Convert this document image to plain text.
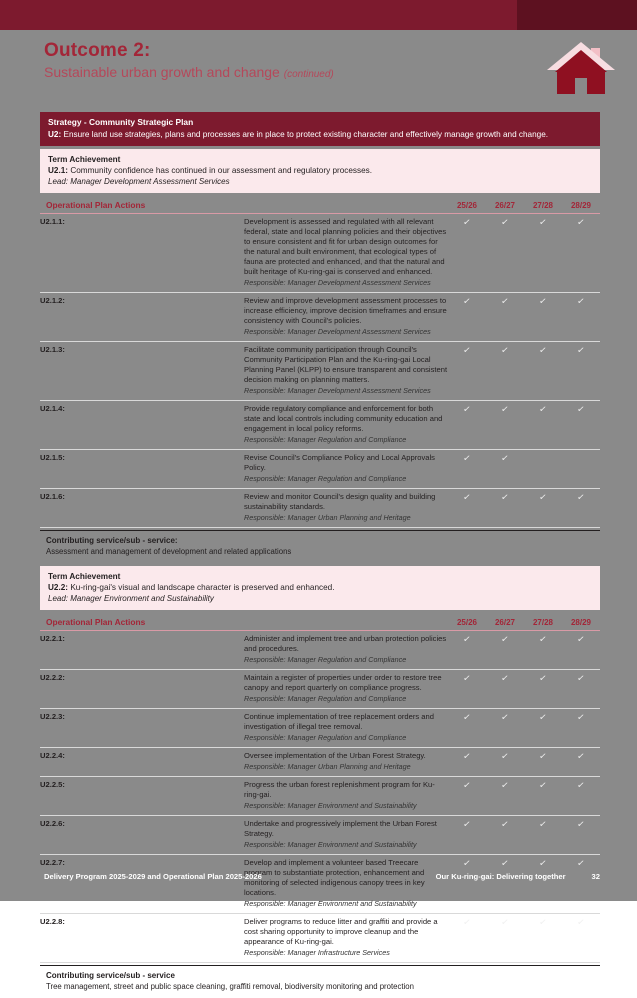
Outcome 2:
Sustainable urban growth and change (continued)
Strategy - Community Strategic Plan
U2: Ensure land use strategies, plans and processes are in place to protect existing character and effectively manage growth and change.
Term Achievement
U2.1: Community confidence has continued in our assessment and regulatory processes.
Lead: Manager Development Assessment Services
Operational Plan Actions		25/26	26/27	27/28	28/29
U2.1.1:	Development is assessed and regulated with all relevant federal, state and local planning policies and their objectives to ensure consistent and fit for urban design outcomes for the natural and built environment, that ecological types of fauna are protected and enhanced, and that the natural and built heritage of Ku-ring-gai is conserved and enhanced.
Responsible: Manager Development Assessment Services	✓	✓	✓	✓
U2.1.2:	Review and improve development assessment processes to increase efficiency, improve decision timeframes and ensure consistency with Council's policies.
Responsible: Manager Development Assessment Services	✓	✓	✓	✓
U2.1.3:	Facilitate community participation through Council's Community Participation Plan and the Ku-ring-gai Local Planning Panel (KLPP) to ensure transparent and consistent decision making on planning matters.
Responsible: Manager Development Assessment Services	✓	✓	✓	✓
U2.1.4:	Provide regulatory compliance and enforcement for both state and local controls including community education and engagement in local policy reforms.
Responsible: Manager Regulation and Compliance	✓	✓	✓	✓
U2.1.5:	Revise Council's Compliance Policy and Local Approvals Policy.
Responsible: Manager Regulation and Compliance	✓	✓		
U2.1.6:	Review and monitor Council's design quality and building sustainability standards.
Responsible: Manager Urban Planning and Heritage	✓	✓	✓	✓
Contributing service/sub - service:
Assessment and management of development and related applications
Term Achievement
U2.2: Ku-ring-gai's visual and landscape character is preserved and enhanced.
Lead: Manager Environment and Sustainability
Operational Plan Actions		25/26	26/27	27/28	28/29
U2.2.1:	Administer and implement tree and urban protection policies and procedures.
Responsible: Manager Regulation and Compliance	✓	✓	✓	✓
U2.2.2:	Maintain a register of properties under order to restore tree canopy and report quarterly on compliance progress.
Responsible: Manager Regulation and Compliance	✓	✓	✓	✓
U2.2.3:	Continue implementation of tree replacement orders and investigation of illegal tree removal.
Responsible: Manager Regulation and Compliance	✓	✓	✓	✓
U2.2.4:	Oversee implementation of the Urban Forest Strategy.
Responsible: Manager Urban Planning and Heritage	✓	✓	✓	✓
U2.2.5:	Progress the urban forest replenishment program for Ku-ring-gai.
Responsible: Manager Environment and Sustainability	✓	✓	✓	✓
U2.2.6:	Undertake and progressively implement the Urban Forest Strategy.
Responsible: Manager Environment and Sustainability	✓	✓	✓	✓
U2.2.7:	Develop and implement a volunteer based Treecare program to substantiate protection, enhancement and monitoring of selected indigenous canopy trees in key locations.
Responsible: Manager Environment and Sustainability	✓	✓	✓	✓
U2.2.8:	Deliver programs to reduce litter and graffiti and provide a cost sharing opportunity to improve cleanup and the appearance of Ku-ring-gai.
Responsible: Manager Infrastructure Services	✓	✓	✓	✓
Contributing service/sub - service
Tree management, street and public space cleaning, graffiti removal, biodiversity monitoring and protection
Delivery Program 2025-2029 and Operational Plan 2025-2026	Our Ku-ring-gai: Delivering together	32
